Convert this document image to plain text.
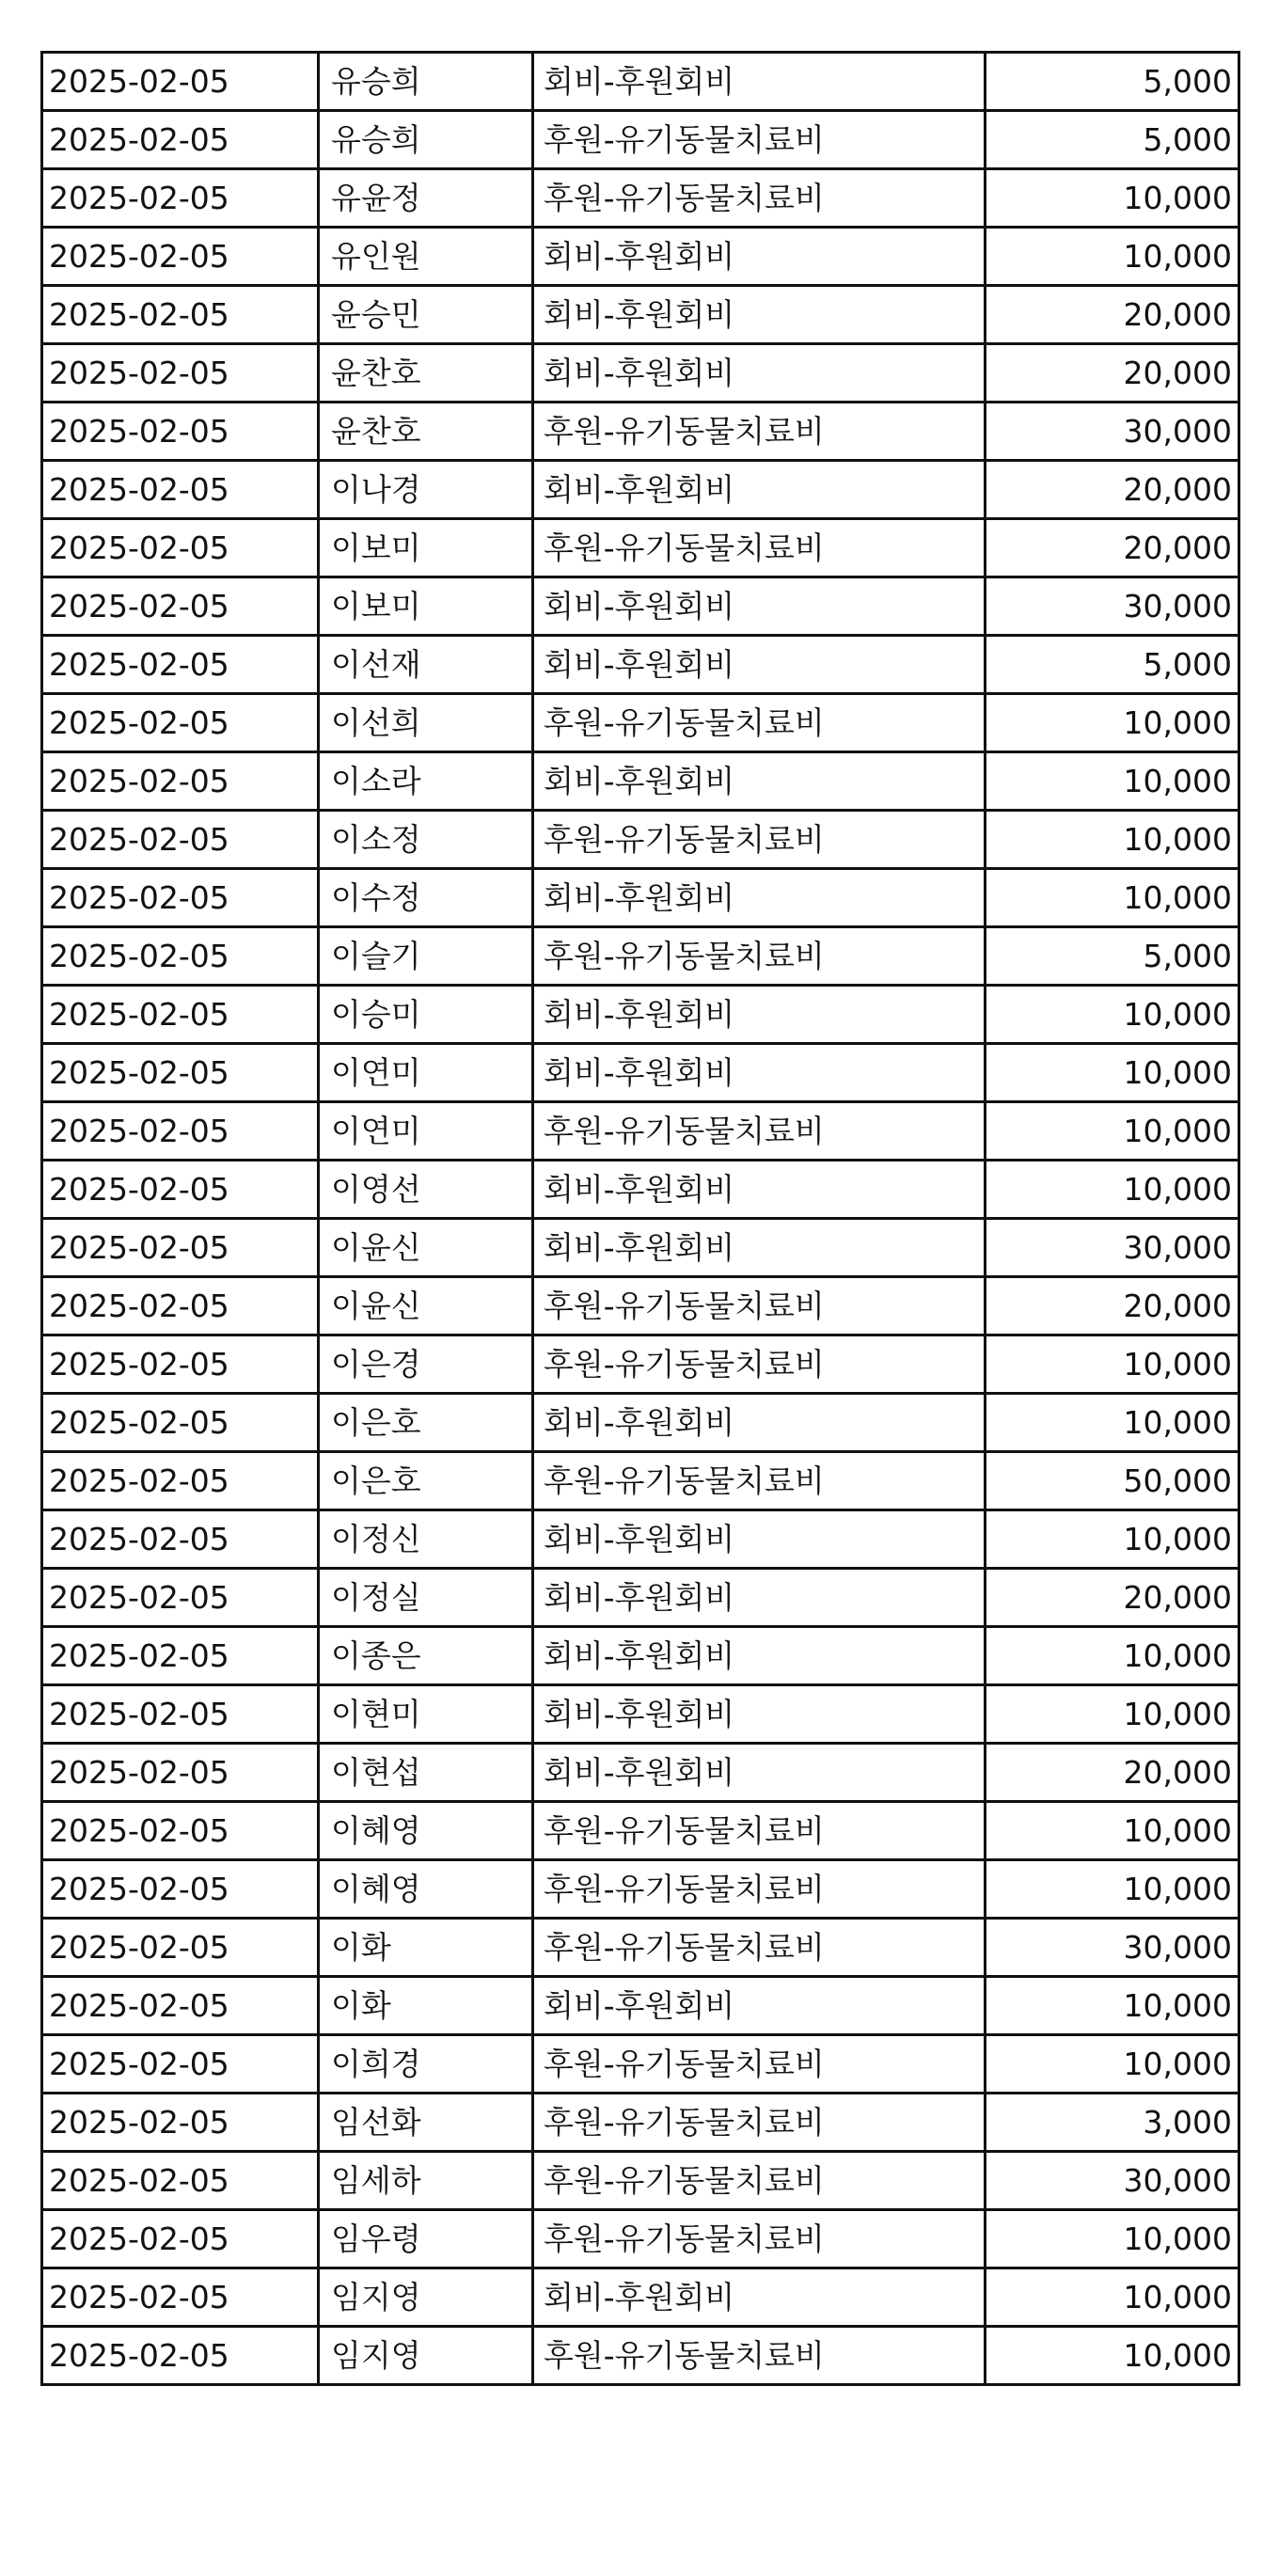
2025-02-05	유승희	회비-후원회비	5,000
2025-02-05	유승희	후원-유기동물치료비	5,000
2025-02-05	유윤정	후원-유기동물치료비	10,000
2025-02-05	유인원	회비-후원회비	10,000
2025-02-05	윤승민	회비-후원회비	20,000
2025-02-05	윤찬호	회비-후원회비	20,000
2025-02-05	윤찬호	후원-유기동물치료비	30,000
2025-02-05	이나경	회비-후원회비	20,000
2025-02-05	이보미	후원-유기동물치료비	20,000
2025-02-05	이보미	회비-후원회비	30,000
2025-02-05	이선재	회비-후원회비	5,000
2025-02-05	이선희	후원-유기동물치료비	10,000
2025-02-05	이소라	회비-후원회비	10,000
2025-02-05	이소정	후원-유기동물치료비	10,000
2025-02-05	이수정	회비-후원회비	10,000
2025-02-05	이슬기	후원-유기동물치료비	5,000
2025-02-05	이승미	회비-후원회비	10,000
2025-02-05	이연미	회비-후원회비	10,000
2025-02-05	이연미	후원-유기동물치료비	10,000
2025-02-05	이영선	회비-후원회비	10,000
2025-02-05	이윤신	회비-후원회비	30,000
2025-02-05	이윤신	후원-유기동물치료비	20,000
2025-02-05	이은경	후원-유기동물치료비	10,000
2025-02-05	이은호	회비-후원회비	10,000
2025-02-05	이은호	후원-유기동물치료비	50,000
2025-02-05	이정신	회비-후원회비	10,000
2025-02-05	이정실	회비-후원회비	20,000
2025-02-05	이종은	회비-후원회비	10,000
2025-02-05	이현미	회비-후원회비	10,000
2025-02-05	이현섭	회비-후원회비	20,000
2025-02-05	이혜영	후원-유기동물치료비	10,000
2025-02-05	이혜영	후원-유기동물치료비	10,000
2025-02-05	이화	후원-유기동물치료비	30,000
2025-02-05	이화	회비-후원회비	10,000
2025-02-05	이희경	후원-유기동물치료비	10,000
2025-02-05	임선화	후원-유기동물치료비	3,000
2025-02-05	임세하	후원-유기동물치료비	30,000
2025-02-05	임우령	후원-유기동물치료비	10,000
2025-02-05	임지영	회비-후원회비	10,000
2025-02-05	임지영	후원-유기동물치료비	10,000
